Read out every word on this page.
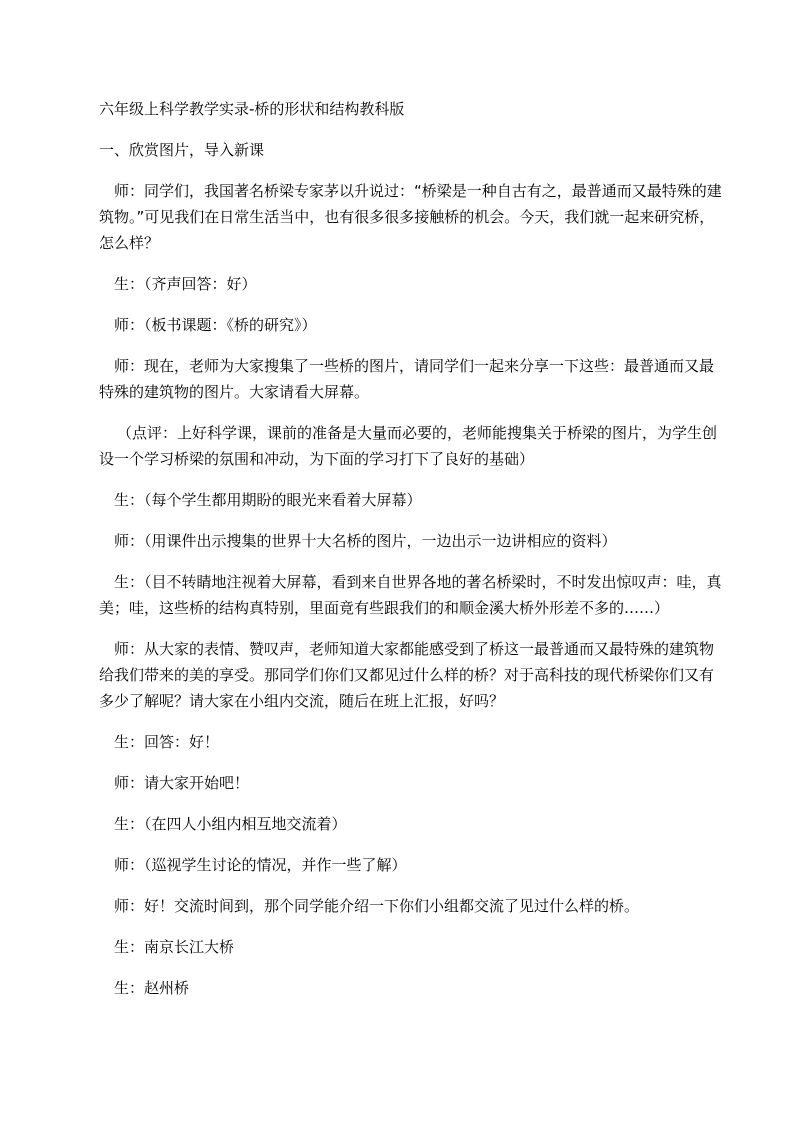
六年级上科学教学实录-桥的形状和结构教科版

一、欣赏图片，导入新课

师：同学们，我国著名桥梁专家茅以升说过：“桥梁是一种自古有之，最普通而又最特殊的建筑物。”可见我们在日常生活当中，也有很多很多接触桥的机会。今天，我们就一起来研究桥，怎么样？

生：（齐声回答：好）

师：（板书课题：《桥的研究》）

师：现在，老师为大家搜集了一些桥的图片，请同学们一起来分享一下这些：最普通而又最特殊的建筑物的图片。大家请看大屏幕。

（点评：上好科学课，课前的准备是大量而必要的，老师能搜集关于桥梁的图片，为学生创设一个学习桥梁的氛围和冲动，为下面的学习打下了良好的基础）

生：（每个学生都用期盼的眼光来看着大屏幕）

师：（用课件出示搜集的世界十大名桥的图片，一边出示一边讲相应的资料）

生：（目不转睛地注视着大屏幕，看到来自世界各地的著名桥梁时，不时发出惊叹声：哇，真美；哇，这些桥的结构真特别，里面竟有些跟我们的和顺金溪大桥外形差不多的……）

师：从大家的表情、赞叹声，老师知道大家都能感受到了桥这一最普通而又最特殊的建筑物给我们带来的美的享受。那同学们你们又都见过什么样的桥？对于高科技的现代桥梁你们又有多少了解呢？请大家在小组内交流，随后在班上汇报，好吗？

生：回答：好！

师：请大家开始吧！

生：（在四人小组内相互地交流着）

师：（巡视学生讨论的情况，并作一些了解）

师：好！交流时间到，那个同学能介绍一下你们小组都交流了见过什么样的桥。

生：南京长江大桥

生：赵州桥
